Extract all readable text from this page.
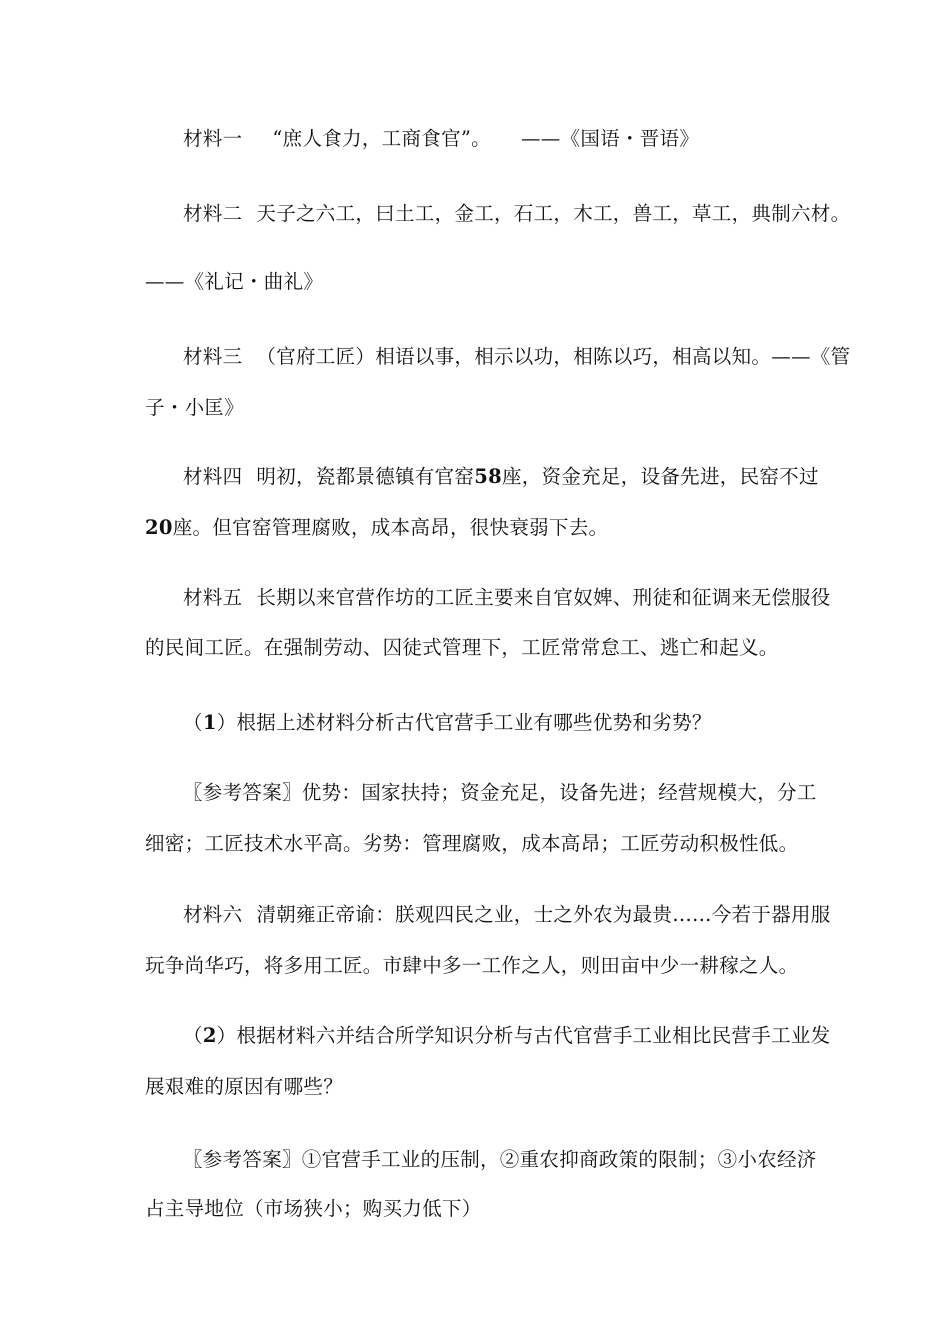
材料一 “庶人食力，工商食官”。 ——《国语・晋语》
材料二 天子之六工，曰土工，金工，石工，木工，兽工，草工，典制六材。
——《礼记・曲礼》
材料三 （官府工匠）相语以事，相示以功，相陈以巧，相高以知。——《管
子・小匡》
材料四 明初，瓷都景德镇有官窑58座，资金充足，设备先进，民窑不过
20座。但官窑管理腐败，成本高昂，很快衰弱下去。
材料五 长期以来官营作坊的工匠主要来自官奴婢、刑徒和征调来无偿服役
的民间工匠。在强制劳动、囚徒式管理下，工匠常常怠工、逃亡和起义。
（1）根据上述材料分析古代官营手工业有哪些优势和劣势？
〖参考答案〗优势：国家扶持；资金充足，设备先进；经营规模大，分工
细密；工匠技术水平高。劣势：管理腐败，成本高昂；工匠劳动积极性低。
材料六 清朝雍正帝谕：朕观四民之业，士之外农为最贵……今若于器用服
玩争尚华巧，将多用工匠。市肆中多一工作之人，则田亩中少一耕稼之人。
（2）根据材料六并结合所学知识分析与古代官营手工业相比民营手工业发
展艰难的原因有哪些？
〖参考答案〗①官营手工业的压制，②重农抑商政策的限制；③小农经济
占主导地位（市场狭小；购买力低下）
